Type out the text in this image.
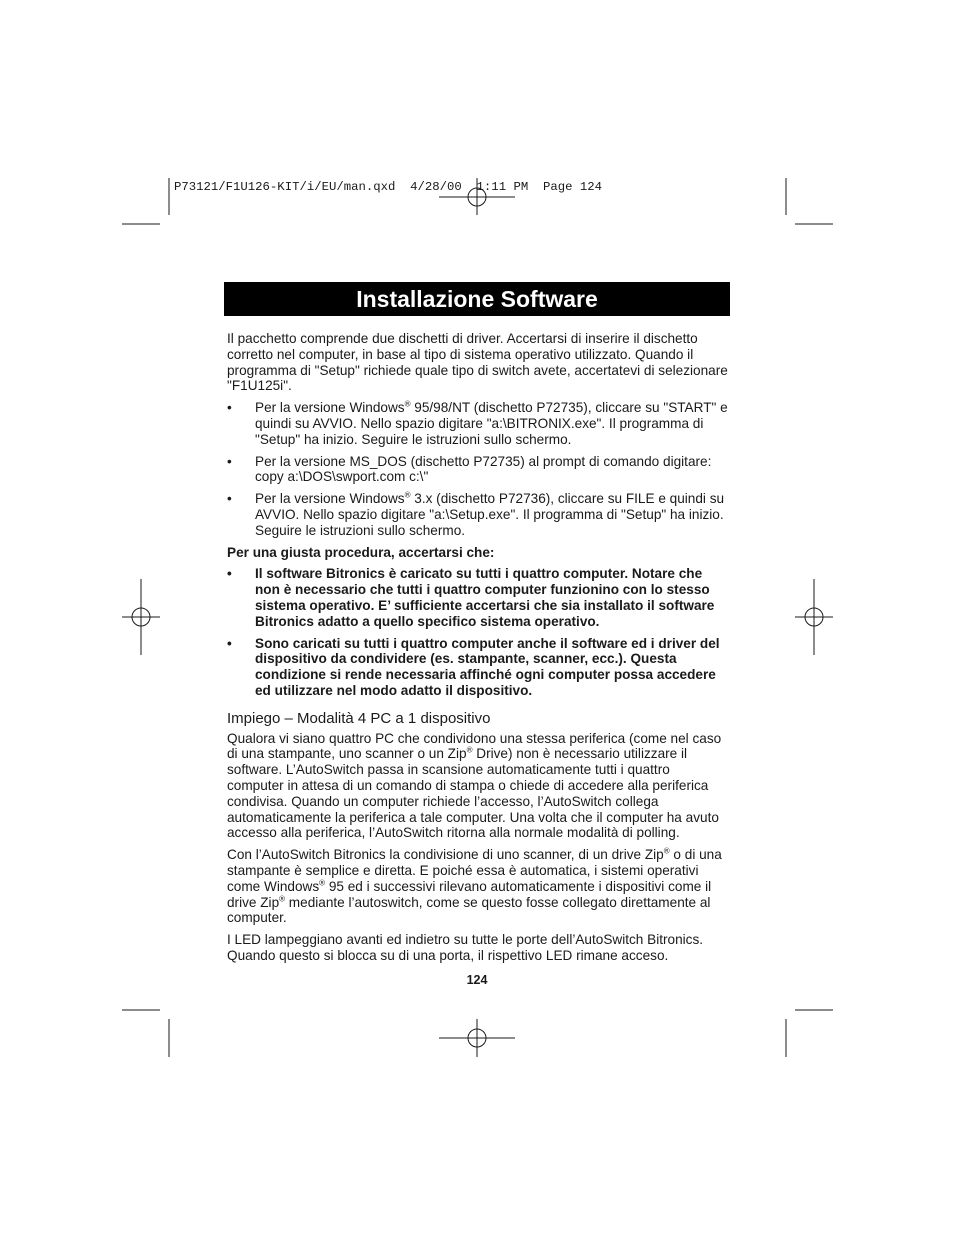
P73121/F1U126-KIT/i/EU/man.qxd  4/28/00  1:11 PM  Page 124
Installazione Software

Il pacchetto comprende due dischetti di driver. Accertarsi di inserire il dischetto corretto nel computer, in base al tipo di sistema operativo utilizzato. Quando il programma di "Setup" richiede quale tipo di switch avete, accertatevi di selezionare "F1U125i".

•	Per la versione Windows® 95/98/NT (dischetto P72735), cliccare su "START" e quindi su AVVIO. Nello spazio digitare "a:\BITRONIX.exe". Il programma di "Setup" ha inizio. Seguire le istruzioni sullo schermo.
•	Per la versione MS_DOS (dischetto P72735) al prompt di comando digitare: copy a:\DOS\swport.com c:\"
•	Per la versione Windows® 3.x (dischetto P72736), cliccare su FILE e quindi su AVVIO. Nello spazio digitare "a:\Setup.exe". Il programma di "Setup" ha inizio. Seguire le istruzioni sullo schermo.

Per una giusta procedura, accertarsi che:

•	Il software Bitronics è caricato su tutti i quattro computer. Notare che non è necessario che tutti i quattro computer funzionino con lo stesso sistema operativo. E’ sufficiente accertarsi che sia installato il software Bitronics adatto a quello specifico sistema operativo.
•	Sono caricati su tutti i quattro computer anche il software ed i driver del dispositivo da condividere (es. stampante, scanner, ecc.). Questa condizione si rende necessaria affinché ogni computer possa accedere ed utilizzare nel modo adatto il dispositivo.
Impiego – Modalità 4 PC a 1 dispositivo

Qualora vi siano quattro PC che condividono una stessa periferica (come nel caso di una stampante, uno scanner o un Zip® Drive) non è necessario utilizzare il software. L’AutoSwitch passa in scansione automaticamente tutti i quattro computer in attesa di un comando di stampa o chiede di accedere alla periferica condivisa. Quando un computer richiede l’accesso, l’AutoSwitch collega automaticamente la periferica a tale computer. Una volta che il computer ha avuto accesso alla periferica, l’AutoSwitch ritorna alla normale modalità di polling.

Con l’AutoSwitch Bitronics la condivisione di uno scanner, di un drive Zip® o di una stampante è semplice e diretta. E poiché essa è automatica, i sistemi operativi come Windows® 95 ed i successivi rilevano automaticamente i dispositivi come il drive Zip® mediante l’autoswitch, come se questo fosse collegato direttamente al computer.

I LED lampeggiano avanti ed indietro su tutte le porte dell’AutoSwitch Bitronics. Quando questo si blocca su di una porta, il rispettivo LED rimane acceso.

124
